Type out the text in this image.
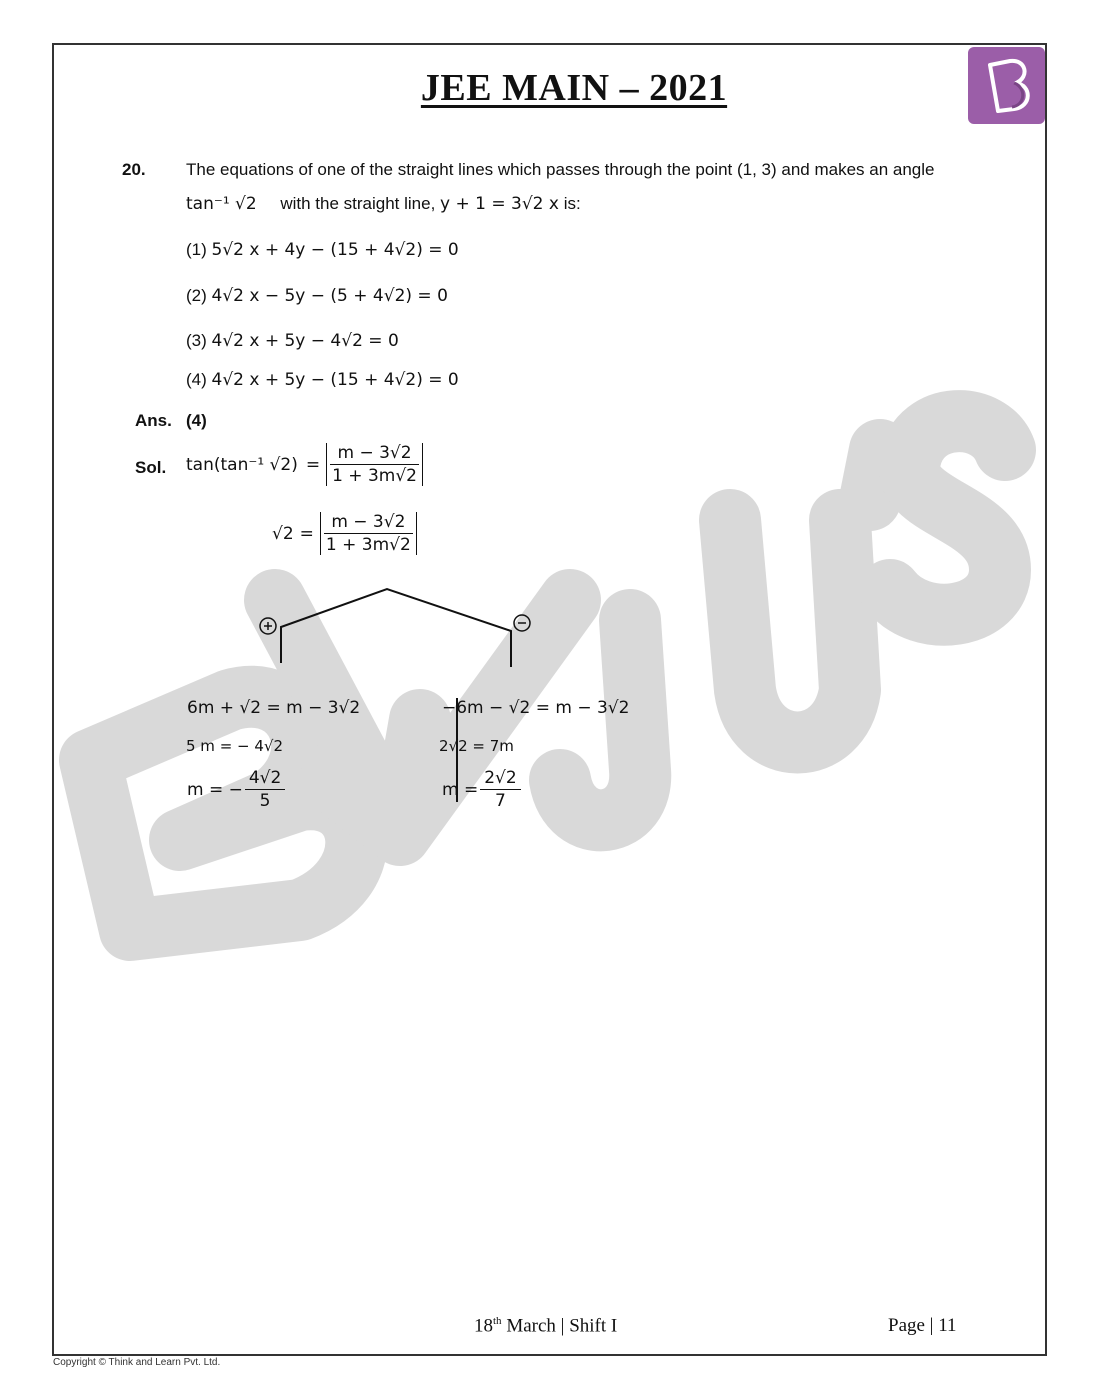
JEE MAIN – 2021
20. The equations of one of the straight lines which passes through the point (1, 3) and makes an angle
tan⁻¹ √2 with the straight line, y + 1 = 3√2 x is:
(1) 5√2 x + 4y − (15 + 4√2) = 0
(2) 4√2 x − 5y − (5 + 4√2) = 0
(3) 4√2 x + 5y − 4√2 = 0
(4) 4√2 x + 5y − (15 + 4√2) = 0
Ans. (4)
Sol. tan(tan⁻¹ $√2) = \frac{m - 3√2}{1 + 3m√2}$
$√2 = \frac{m - 3√2}{1 + 3m√2}$
6m + √2 = m − 3√2
5 m = − 4√2
m = − $\frac{4√2}{5}$
−6m − √2 = m − 3√2
2√2 = 7m
$m = \frac{2√2}{7}$
18th March | Shift I	Page | 11
Copyright © Think and Learn Pvt. Ltd.
